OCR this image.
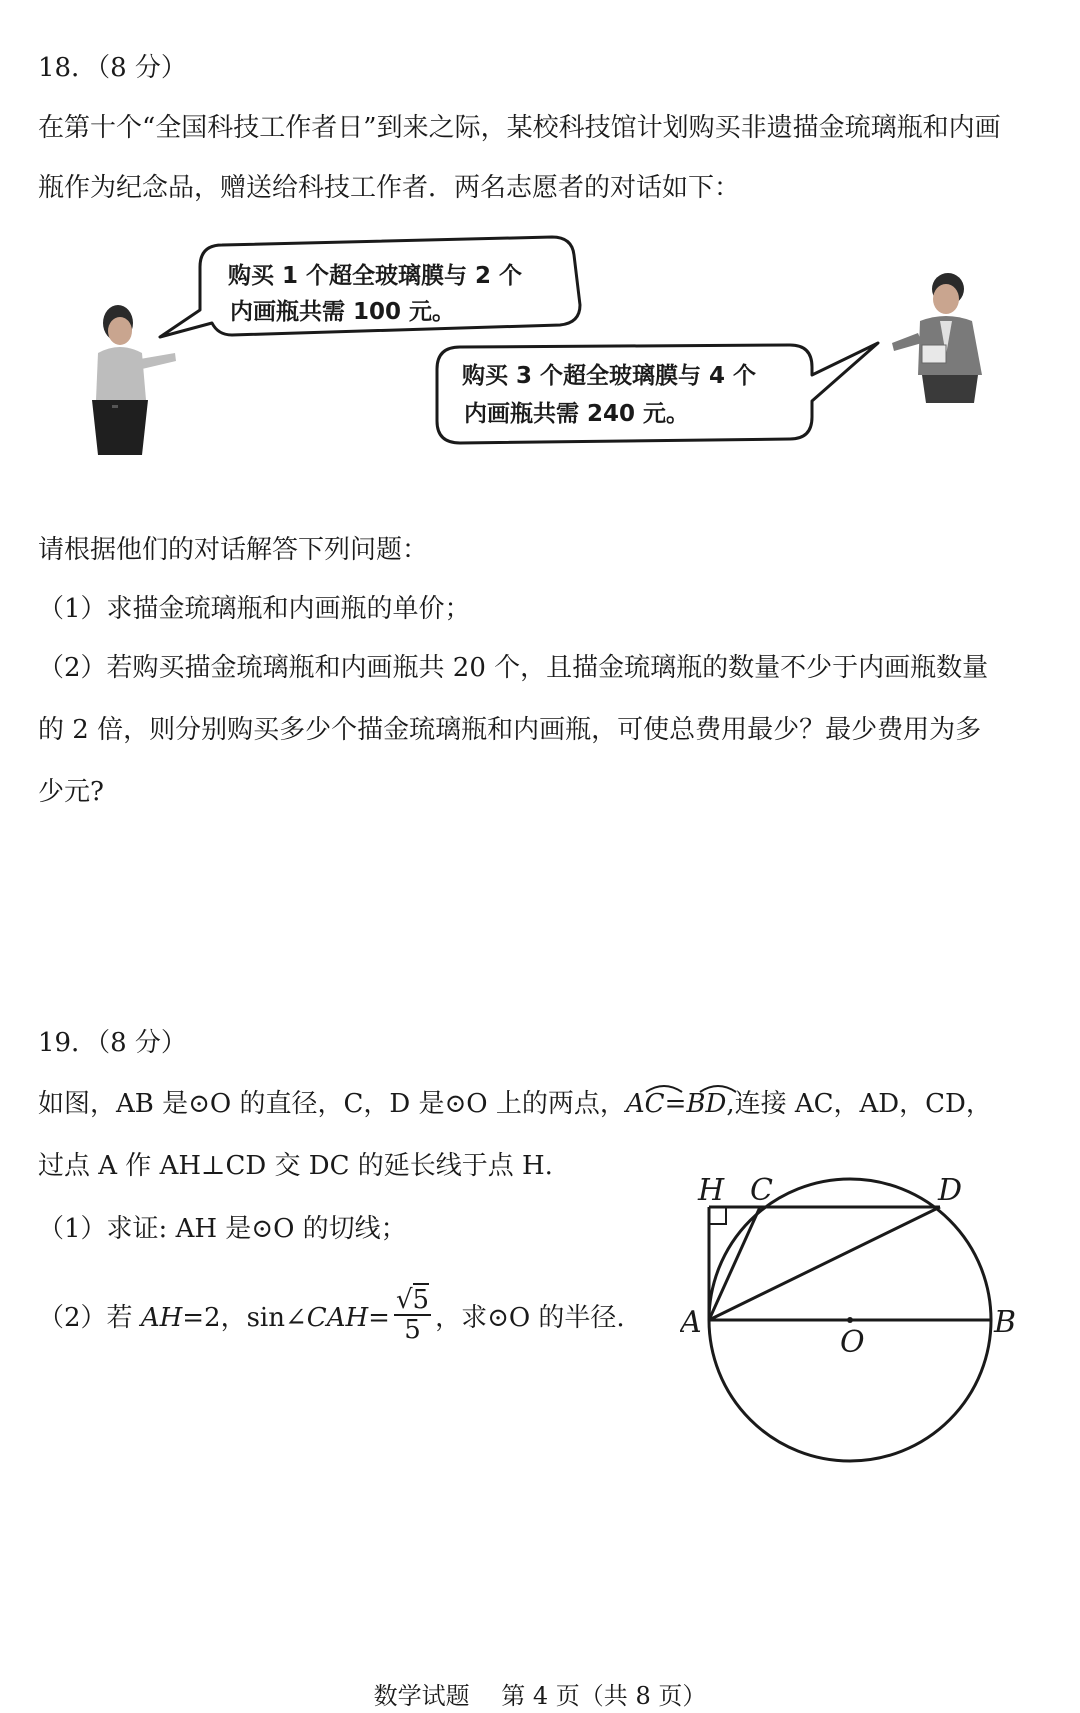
18．（8 分）
在第十个“全国科技工作者日”到来之际，某校科技馆计划购买非遗描金琉璃瓶和内画
瓶作为纪念品，赠送给科技工作者．两名志愿者的对话如下：
购买 1 个超全玻璃膜与 2 个
内画瓶共需 100 元。
购买 3 个超全玻璃膜与 4 个
内画瓶共需 240 元。
请根据他们的对话解答下列问题：
（1）求描金琉璃瓶和内画瓶的单价；
（2）若购买描金琉璃瓶和内画瓶共 20 个，且描金琉璃瓶的数量不少于内画瓶数量
的 2 倍，则分别购买多少个描金琉璃瓶和内画瓶，可使总费用最少？最少费用为多
少元?
19．（8 分）
如图，AB 是⊙O 的直径，C，D 是⊙O 上的两点，AC=BD,连接 AC，AD，CD，
过点 A 作 AH⊥CD 交 DC 的延长线于点 H.
（1）求证: AH 是⊙O 的切线；
（2）若 AH=2，sin∠CAH= $\frac{√5}{5}$ ，求⊙O 的半径.
H C	D
A
O
B
数学试题 　第 4 页（共 8 页）
